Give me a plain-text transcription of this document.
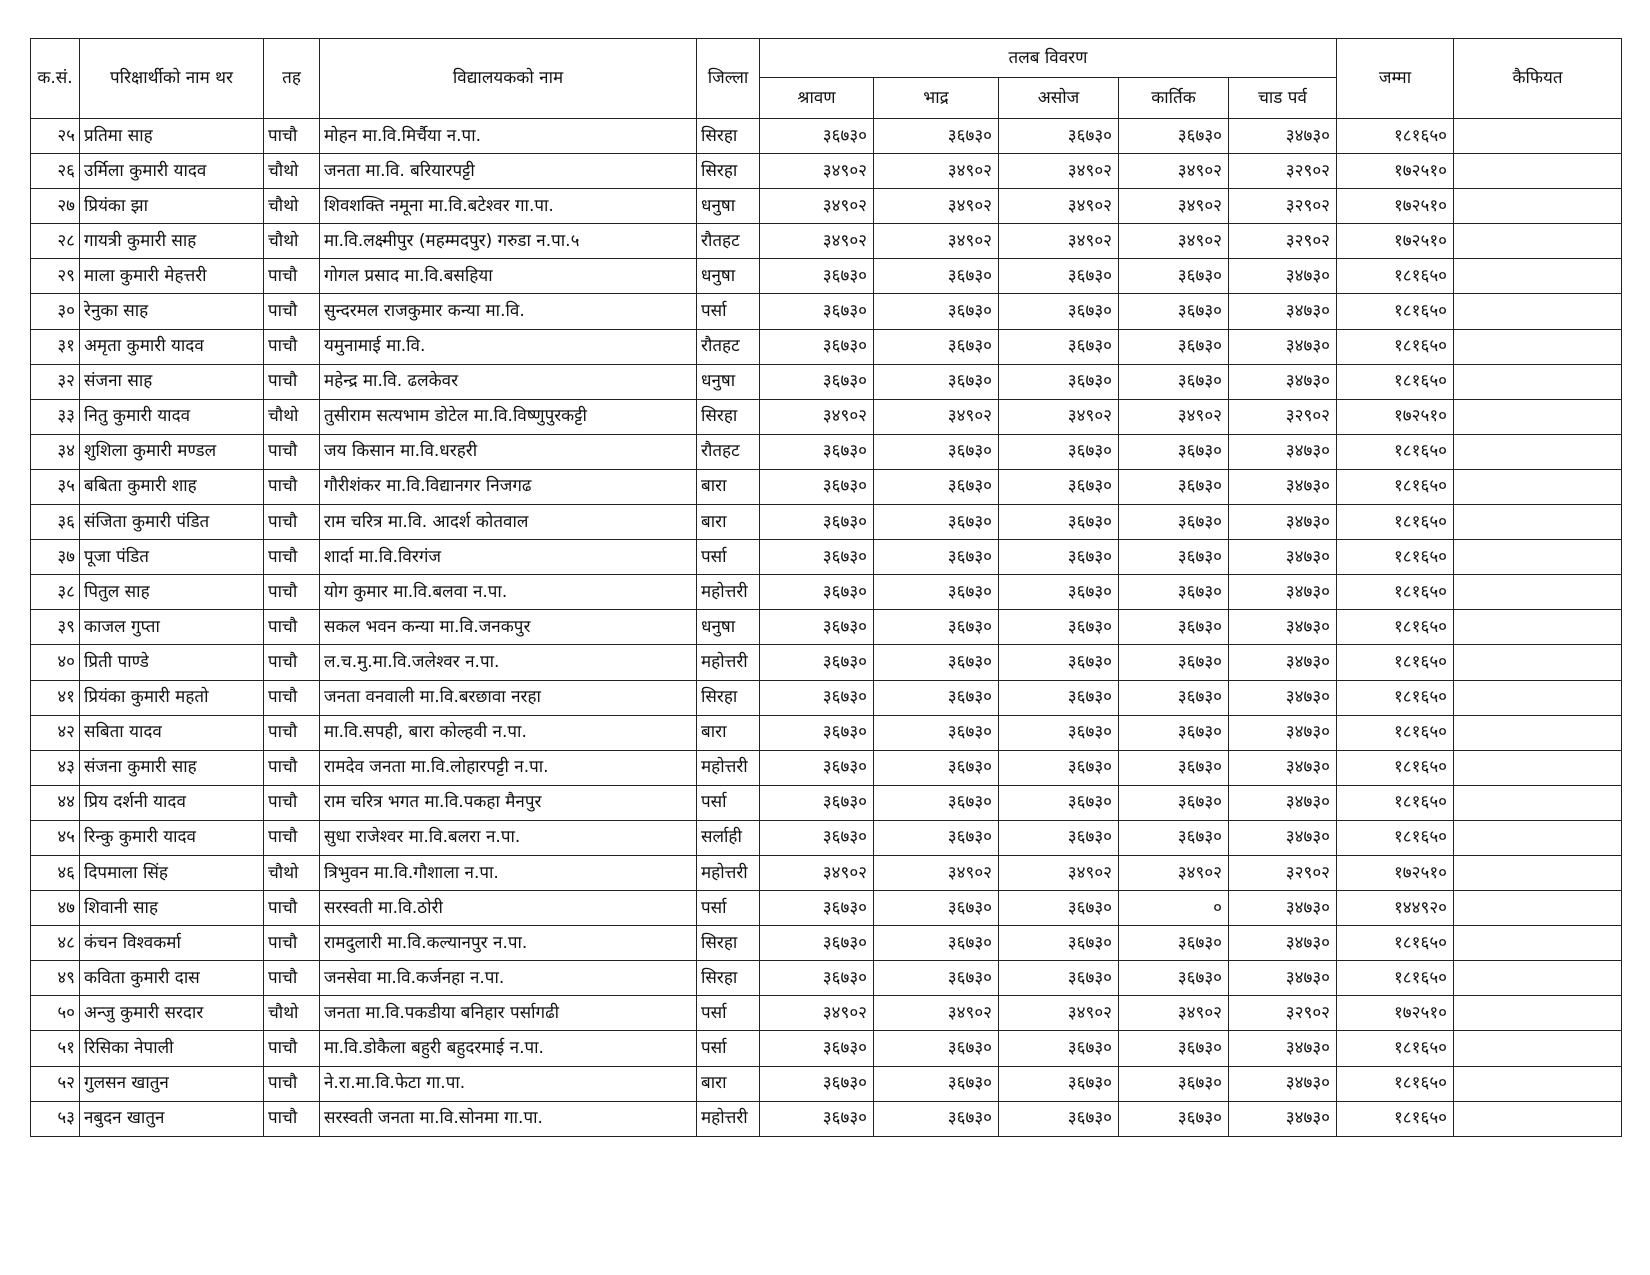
क.सं.	परिक्षार्थीको नाम थर	तह	विद्यालयकको नाम	जिल्ला	तलब विवरण					जम्मा	कैफियत
					श्रावण	भाद्र	असोज	कार्तिक	चाड पर्व		
२५	प्रतिमा साह	पाचौ	मोहन मा.वि.मिर्चैया न.पा.	सिरहा	३६७३०	३६७३०	३६७३०	३६७३०	३४७३०	१८१६५०	
२६	उर्मिला कुमारी यादव	चौथो	जनता मा.वि. बरियारपट्टी	सिरहा	३४९०२	३४९०२	३४९०२	३४९०२	३२९०२	१७२५१०	
२७	प्रियंका झा	चौथो	शिवशक्ति नमूना मा.वि.बटेश्वर गा.पा.	धनुषा	३४९०२	३४९०२	३४९०२	३४९०२	३२९०२	१७२५१०	
२८	गायत्री कुमारी साह	चौथो	मा.वि.लक्ष्मीपुर (महम्मदपुर) गरुडा न.पा.५	रौतहट	३४९०२	३४९०२	३४९०२	३४९०२	३२९०२	१७२५१०	
२९	माला कुमारी मेहत्तरी	पाचौ	गोगल प्रसाद मा.वि.बसहिया	धनुषा	३६७३०	३६७३०	३६७३०	३६७३०	३४७३०	१८१६५०	
३०	रेनुका साह	पाचौ	सुन्दरमल राजकुमार कन्या मा.वि.	पर्सा	३६७३०	३६७३०	३६७३०	३६७३०	३४७३०	१८१६५०	
३१	अमृता कुमारी यादव	पाचौ	यमुनामाई मा.वि.	रौतहट	३६७३०	३६७३०	३६७३०	३६७३०	३४७३०	१८१६५०	
३२	संजना साह	पाचौ	महेन्द्र मा.वि. ढलकेवर	धनुषा	३६७३०	३६७३०	३६७३०	३६७३०	३४७३०	१८१६५०	
३३	नितु कुमारी यादव	चौथो	तुसीराम सत्यभाम डोटेल मा.वि.विष्णुपुरकट्टी	सिरहा	३४९०२	३४९०२	३४९०२	३४९०२	३२९०२	१७२५१०	
३४	शुशिला कुमारी मण्डल	पाचौ	जय किसान मा.वि.धरहरी	रौतहट	३६७३०	३६७३०	३६७३०	३६७३०	३४७३०	१८१६५०	
३५	बबिता कुमारी शाह	पाचौ	गौरीशंकर मा.वि.विद्यानगर निजगढ	बारा	३६७३०	३६७३०	३६७३०	३६७३०	३४७३०	१८१६५०	
३६	संजिता कुमारी पंडित	पाचौ	राम चरित्र मा.वि. आदर्श कोतवाल	बारा	३६७३०	३६७३०	३६७३०	३६७३०	३४७३०	१८१६५०	
३७	पूजा पंडित	पाचौ	शार्दा मा.वि.विरगंज	पर्सा	३६७३०	३६७३०	३६७३०	३६७३०	३४७३०	१८१६५०	
३८	पितुल साह	पाचौ	योग कुमार मा.वि.बलवा न.पा.	महोत्तरी	३६७३०	३६७३०	३६७३०	३६७३०	३४७३०	१८१६५०	
३९	काजल गुप्ता	पाचौ	सकल भवन कन्या मा.वि.जनकपुर	धनुषा	३६७३०	३६७३०	३६७३०	३६७३०	३४७३०	१८१६५०	
४०	प्रिती पाण्डे	पाचौ	ल.च.मु.मा.वि.जलेश्वर न.पा.	महोत्तरी	३६७३०	३६७३०	३६७३०	३६७३०	३४७३०	१८१६५०	
४१	प्रियंका कुमारी महतो	पाचौ	जनता वनवाली मा.वि.बरछावा नरहा	सिरहा	३६७३०	३६७३०	३६७३०	३६७३०	३४७३०	१८१६५०	
४२	सबिता यादव	पाचौ	मा.वि.सपही, बारा कोल्हवी न.पा.	बारा	३६७३०	३६७३०	३६७३०	३६७३०	३४७३०	१८१६५०	
४३	संजना कुमारी साह	पाचौ	रामदेव जनता मा.वि.लोहारपट्टी न.पा.	महोत्तरी	३६७३०	३६७३०	३६७३०	३६७३०	३४७३०	१८१६५०	
४४	प्रिय दर्शनी यादव	पाचौ	राम चरित्र भगत मा.वि.पकहा मैनपुर	पर्सा	३६७३०	३६७३०	३६७३०	३६७३०	३४७३०	१८१६५०	
४५	रिन्कु कुमारी यादव	पाचौ	सुधा राजेश्वर मा.वि.बलरा न.पा.	सर्लाही	३६७३०	३६७३०	३६७३०	३६७३०	३४७३०	१८१६५०	
४६	दिपमाला सिंह	चौथो	त्रिभुवन मा.वि.गौशाला न.पा.	महोत्तरी	३४९०२	३४९०२	३४९०२	३४९०२	३२९०२	१७२५१०	
४७	शिवानी साह	पाचौ	सरस्वती मा.वि.ठोरी	पर्सा	३६७३०	३६७३०	३६७३०	०	३४७३०	१४४९२०	
४८	कंचन विश्वकर्मा	पाचौ	रामदुलारी मा.वि.कल्यानपुर न.पा.	सिरहा	३६७३०	३६७३०	३६७३०	३६७३०	३४७३०	१८१६५०	
४९	कविता कुमारी दास	पाचौ	जनसेवा मा.वि.कर्जनहा न.पा.	सिरहा	३६७३०	३६७३०	३६७३०	३६७३०	३४७३०	१८१६५०	
५०	अन्जु कुमारी सरदार	चौथो	जनता मा.वि.पकडीया बनिहार पर्सागढी	पर्सा	३४९०२	३४९०२	३४९०२	३४९०२	३२९०२	१७२५१०	
५१	रिसिका नेपाली	पाचौ	मा.वि.डोकैला बहुरी बहुदरमाई न.पा.	पर्सा	३६७३०	३६७३०	३६७३०	३६७३०	३४७३०	१८१६५०	
५२	गुलसन खातुन	पाचौ	ने.रा.मा.वि.फेटा गा.पा.	बारा	३६७३०	३६७३०	३६७३०	३६७३०	३४७३०	१८१६५०	
५३	नबुदन खातुन	पाचौ	सरस्वती जनता मा.वि.सोनमा गा.पा.	महोत्तरी	३६७३०	३६७३०	३६७३०	३६७३०	३४७३०	१८१६५०	
